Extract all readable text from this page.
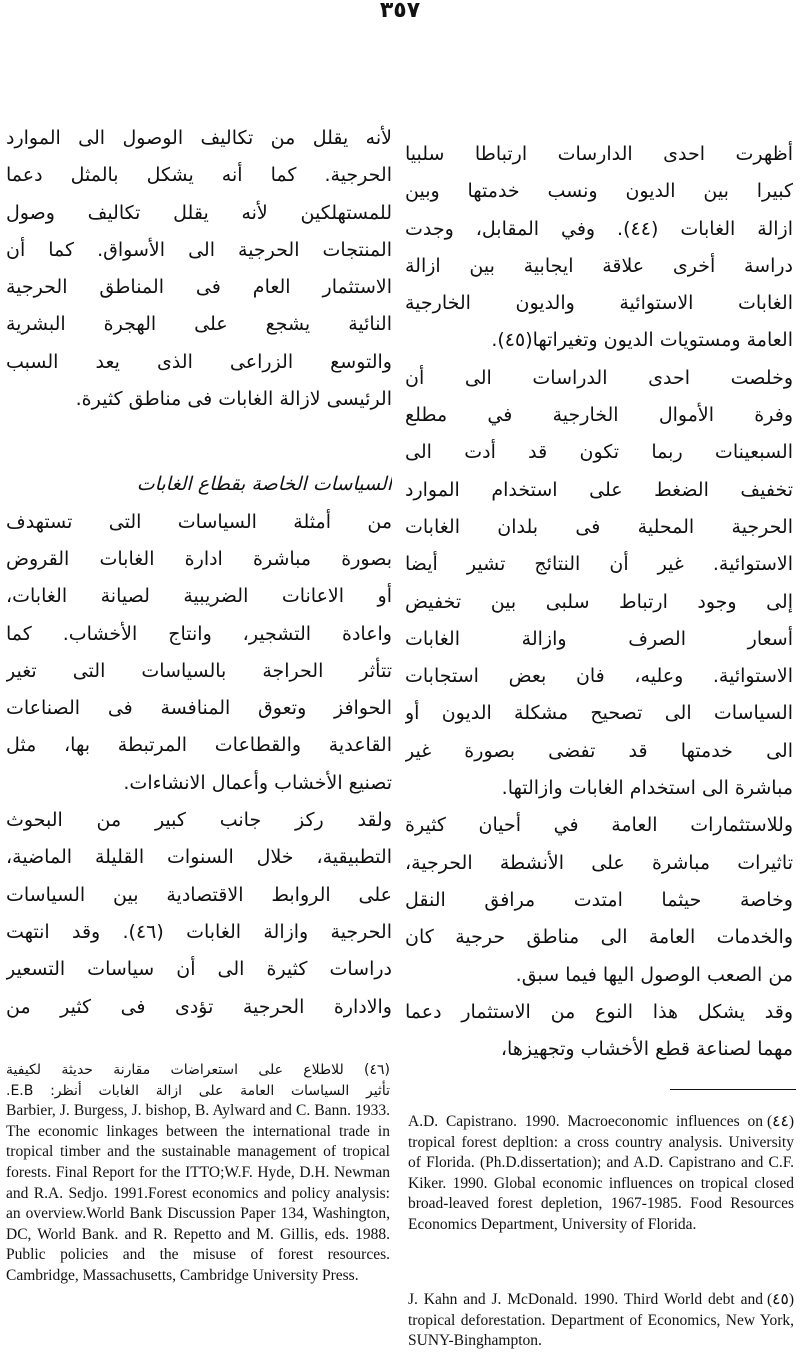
٣٥٧
أظهرت احدى الدارسات ارتباطا سلبيا
كبيرا بين الديون ونسب خدمتها وبين
ازالة الغابات (٤٤). وفي المقابل، وجدت
دراسة أخرى علاقة ايجابية بين ازالة
الغابات الاستوائية والديون الخارجية
العامة ومستويات الديون وتغيراتها(٤٥).
وخلصت احدى الدراسات الى أن
وفرة الأموال الخارجية في مطلع
السبعينات ربما تكون قد أدت الى
تخفيف الضغط على استخدام الموارد
الحرجية المحلية فى بلدان الغابات
الاستوائية. غير أن النتائج تشير أيضا
إلى وجود ارتباط سلبى بين تخفيض
أسعار الصرف وازالة الغابات
الاستوائية. وعليه، فان بعض استجابات
السياسات الى تصحيح مشكلة الديون أو
الى خدمتها قد تفضى بصورة غير
مباشرة الى استخدام الغابات وازالتها.
وللاستثمارات العامة في أحيان كثيرة
تاثيرات مباشرة على الأنشطة الحرجية،
وخاصة حيثما امتدت مرافق النقل
والخدمات العامة الى مناطق حرجية كان
من الصعب الوصول اليها فيما سبق.
وقد يشكل هذا النوع من الاستثمار دعما
مهما لصناعة قطع الأخشاب وتجهيزها،
لأنه يقلل من تكاليف الوصول الى الموارد
الحرجية. كما أنه يشكل بالمثل دعما
للمستهلكين لأنه يقلل تكاليف وصول
المنتجات الحرجية الى الأسواق. كما أن
الاستثمار العام فى المناطق الحرجية
النائية يشجع على الهجرة البشرية
والتوسع الزراعى الذى يعد السبب
الرئيسى لازالة الغابات فى مناطق كثيرة.
السياسات الخاصة بقطاع الغابات
من أمثلة السياسات التى تستهدف
بصورة مباشرة ادارة الغابات القروض
أو الاعانات الضريبية لصيانة الغابات،
واعادة التشجير، وانتاج الأخشاب. كما
تتأثر الحراجة بالسياسات التى تغير
الحوافز وتعوق المنافسة فى الصناعات
القاعدية والقطاعات المرتبطة بها، مثل
تصنيع الأخشاب وأعمال الانشاءات.
ولقد ركز جانب كبير من البحوث
التطبيقية، خلال السنوات القليلة الماضية،
على الروابط الاقتصادية بين السياسات
الحرجية وازالة الغابات (٤٦). وقد انتهت
دراسات كثيرة الى أن سياسات التسعير
والادارة الحرجية تؤدى فى كثير من
(٤٦) للاطلاع على استعراضات مقارنة حديثة لكيفية
تأثير السياسات العامة على ازالة الغابات أنظر: E.B.
Barbier, J. Burgess, J. bishop, B. Aylward and C. Bann. 1933. The economic linkages between the international trade in tropical timber and the sustainable management of tropical forests. Final Report for the ITTO;W.F. Hyde, D.H. Newman and R.A. Sedjo. 1991.Forest economics and policy analysis: an overview.World Bank Discussion Paper 134, Washington, DC, World Bank. and R. Repetto and M. Gillis, eds. 1988. Public policies and the misuse of forest resources. Cambridge, Massachusetts, Cambridge University Press.
(٤٤)
A.D. Capistrano. 1990. Macroeconomic influences on tropical forest depltion: a cross country analysis. University of Florida. (Ph.D.dissertation); and A.D. Capistrano and C.F. Kiker. 1990. Global economic influences on tropical closed broad-leaved forest depletion, 1967-1985. Food Resources Economics Department, University of Florida.
(٤٥)
J. Kahn and J. McDonald. 1990. Third World debt and tropical deforestation. Department of Economics, New York, SUNY-Binghampton.
